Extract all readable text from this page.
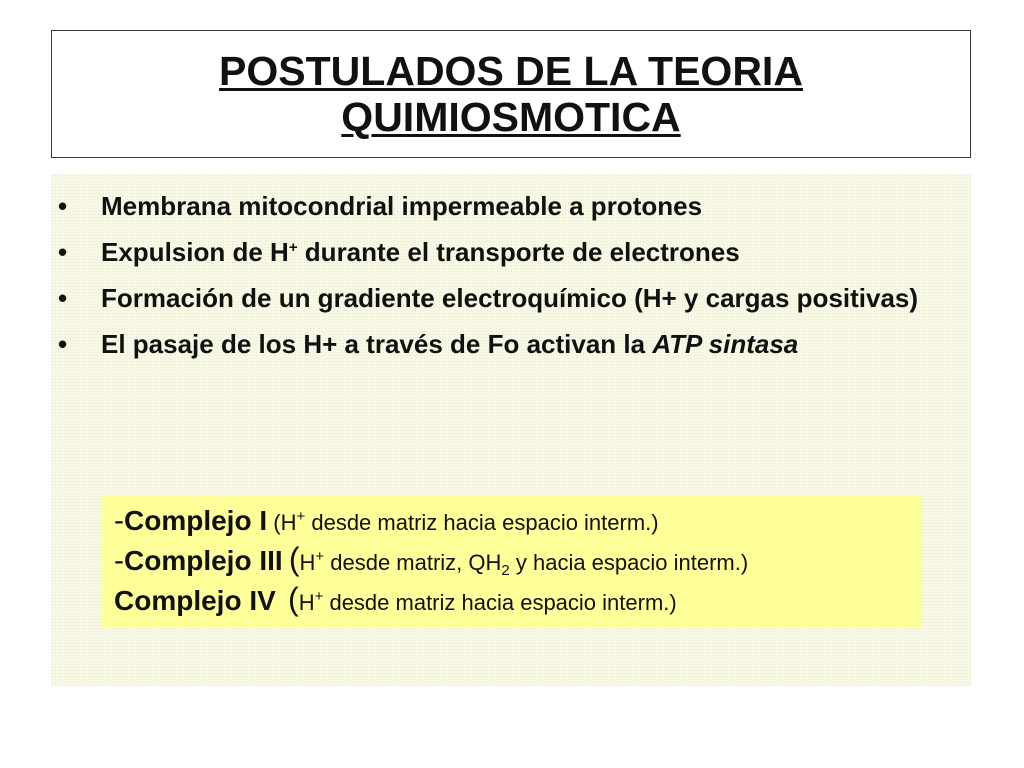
POSTULADOS DE LA TEORIA
QUIMIOSMOTICA
• Membrana mitocondrial impermeable a protones
• Expulsion de H+ durante el transporte de electrones
• Formación de un gradiente electroquímico (H+ y cargas positivas)
• El pasaje de los H+ a través de Fo activan la ATP sintasa
-Complejo I (H+ desde matriz hacia espacio interm.)
-Complejo III (H+ desde matriz, $QH_2$ y hacia espacio interm.)
Complejo IV (H+ desde matriz hacia espacio interm.)
